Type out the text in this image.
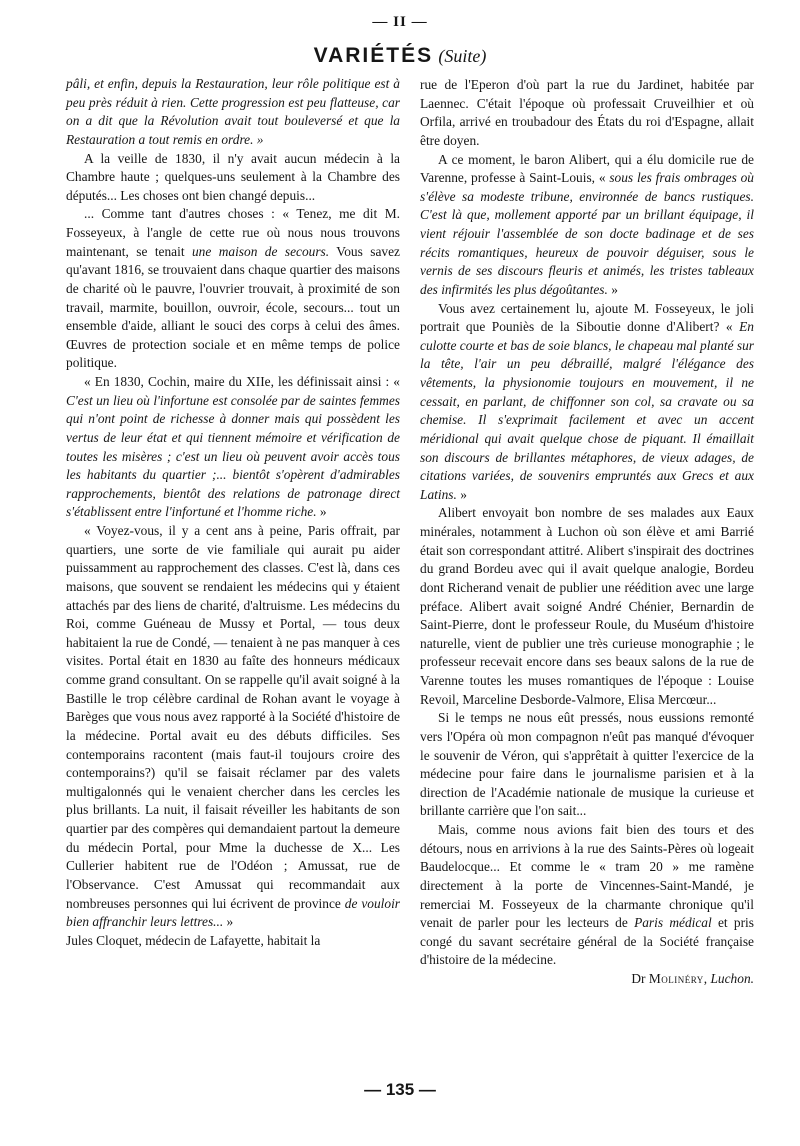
— II —
VARIÉTÉS (Suite)

pâli, et enfin, depuis la Restauration, leur rôle politique est à peu près réduit à rien. Cette progression est peu flatteuse, car on a dit que la Révolution avait tout bouleversé et que la Restauration a tout remis en ordre. »

A la veille de 1830, il n'y avait aucun médecin à la Chambre haute ; quelques-uns seulement à la Chambre des députés... Les choses ont bien changé depuis...

... Comme tant d'autres choses : « Tenez, me dit M. Fosseyeux, à l'angle de cette rue où nous nous trouvons maintenant, se tenait une maison de secours. Vous savez qu'avant 1816, se trouvaient dans chaque quartier des maisons de charité où le pauvre, l'ouvrier trouvait, à proximité de son travail, marmite, bouillon, ouvroir, école, secours... tout un ensemble d'aide, alliant le souci des corps à celui des âmes. Œuvres de protection sociale et en même temps de police politique.

« En 1830, Cochin, maire du XIIe, les définissait ainsi : « C'est un lieu où l'infortune est consolée par de saintes femmes qui n'ont point de richesse à donner mais qui possèdent les vertus de leur état et qui tiennent mémoire et vérification de toutes les misères ; c'est un lieu où peuvent avoir accès tous les habitants du quartier ;... bientôt s'opèrent d'admirables rapprochements, bientôt des relations de patronage direct s'établissent entre l'infortuné et l'homme riche. »

« Voyez-vous, il y a cent ans à peine, Paris offrait, par quartiers, une sorte de vie familiale qui aurait pu aider puissamment au rapprochement des classes. C'est là, dans ces maisons, que souvent se rendaient les médecins qui y étaient attachés par des liens de charité, d'altruisme. Les médecins du Roi, comme Guéneau de Mussy et Portal, — tous deux habitaient la rue de Condé, — tenaient à ne pas manquer à ces visites. Portal était en 1830 au faîte des honneurs médicaux comme grand consultant. On se rappelle qu'il avait soigné à la Bastille le trop célèbre cardinal de Rohan avant le voyage à Barèges que vous nous avez rapporté à la Société d'histoire de la médecine. Portal avait eu des débuts difficiles. Ses contemporains racontent (mais faut-il toujours croire des contemporains?) qu'il se faisait réclamer par des valets multigalonnés qui le venaient chercher dans les cercles les plus brillants. La nuit, il faisait réveiller les habitants de son quartier par des compères qui demandaient partout la demeure du médecin Portal, pour Mme la duchesse de X... Les Cullerier habitent rue de l'Odéon ; Amussat, rue de l'Observance. C'est Amussat qui recommandait aux nombreuses personnes qui lui écrivent de province de vouloir bien affranchir leurs lettres... »

Jules Cloquet, médecin de Lafayette, habitait la

rue de l'Eperon d'où part la rue du Jardinet, habitée par Laennec. C'était l'époque où professait Cruveilhier et où Orfila, arrivé en troubadour des États du roi d'Espagne, allait être doyen.

A ce moment, le baron Alibert, qui a élu domicile rue de Varenne, professe à Saint-Louis, « sous les frais ombrages où s'élève sa modeste tribune, environnée de bancs rustiques. C'est là que, mollement apporté par un brillant équipage, il vient réjouir l'assemblée de son docte badinage et de ses récits romantiques, heureux de pouvoir déguiser, sous le vernis de ses discours fleuris et animés, les tristes tableaux des infirmités les plus dégoûtantes. »

Vous avez certainement lu, ajoute M. Fosseyeux, le joli portrait que Pouniès de la Siboutie donne d'Alibert? « En culotte courte et bas de soie blancs, le chapeau mal planté sur la tête, l'air un peu débraillé, malgré l'élégance des vêtements, la physionomie toujours en mouvement, il ne cessait, en parlant, de chiffonner son col, sa cravate ou sa chemise. Il s'exprimait facilement et avec un accent méridional qui avait quelque chose de piquant. Il émaillait son discours de brillantes métaphores, de vieux adages, de citations variées, de souvenirs empruntés aux Grecs et aux Latins. »

Alibert envoyait bon nombre de ses malades aux Eaux minérales, notamment à Luchon où son élève et ami Barrié était son correspondant attitré. Alibert s'inspirait des doctrines du grand Bordeu avec qui il avait quelque analogie, Bordeu dont Richerand venait de publier une réédition avec une large préface. Alibert avait soigné André Chénier, Bernardin de Saint-Pierre, dont le professeur Roule, du Muséum d'histoire naturelle, vient de publier une très curieuse monographie ; le professeur recevait encore dans ses beaux salons de la rue de Varenne toutes les muses romantiques de l'époque : Louise Revoil, Marceline Desborde-Valmore, Elisa Mercœur...

Si le temps ne nous eût pressés, nous eussions remonté vers l'Opéra où mon compagnon n'eût pas manqué d'évoquer le souvenir de Véron, qui s'apprêtait à quitter l'exercice de la médecine pour faire dans le journalisme parisien et à la direction de l'Académie nationale de musique la curieuse et brillante carrière que l'on sait...

Mais, comme nous avions fait bien des tours et des détours, nous en arrivions à la rue des Saints-Pères où logeait Baudelocque... Et comme le « tram 20 » me ramène directement à la porte de Vincennes-Saint-Mandé, je remerciai M. Fosseyeux de la charmante chronique qu'il venait de parler pour les lecteurs de Paris médical et pris congé du savant secrétaire général de la Société française d'histoire de la médecine.

Dr Molinéry, Luchon.

— 135 —
